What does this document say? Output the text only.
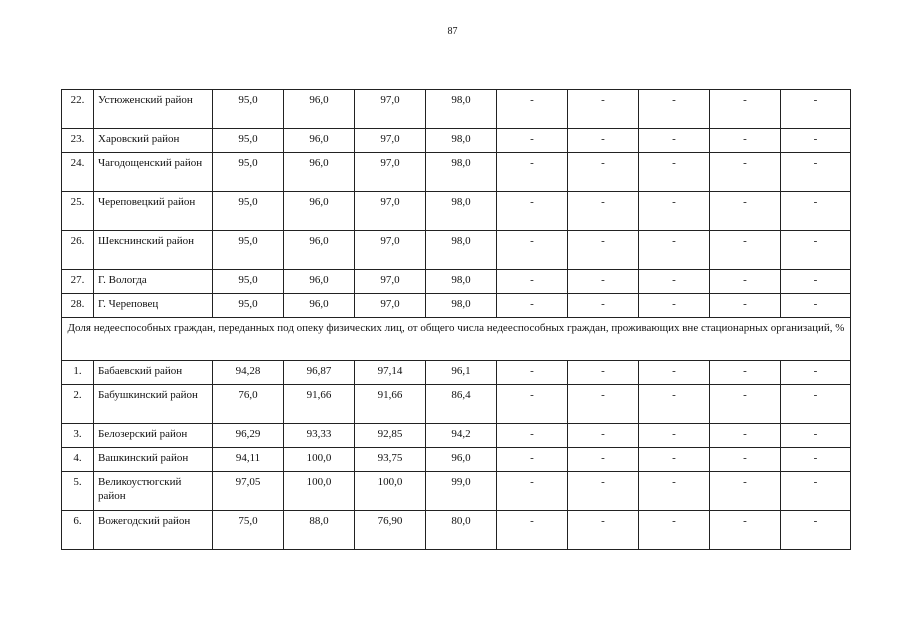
87
22.	Устюженский район	95,0	96,0	97,0	98,0	-	-	-	-	-
23.	Харовский район	95,0	96,0	97,0	98,0	-	-	-	-	-
24.	Чагодощенский район	95,0	96,0	97,0	98,0	-	-	-	-	-
25.	Череповецкий район	95,0	96,0	97,0	98,0	-	-	-	-	-
26.	Шекснинский район	95,0	96,0	97,0	98,0	-	-	-	-	-
27.	Г. Вологда	95,0	96,0	97,0	98,0	-	-	-	-	-
28.	Г. Череповец	95,0	96,0	97,0	98,0	-	-	-	-	-
Доля недееспособных граждан, переданных под опеку физических лиц, от общего числа недееспособных граждан, проживающих вне стационарных организаций, %										
1.	Бабаевский район	94,28	96,87	97,14	96,1	-	-	-	-	-
2.	Бабушкинский район	76,0	91,66	91,66	86,4	-	-	-	-	-
3.	Белозерский район	96,29	93,33	92,85	94,2	-	-	-	-	-
4.	Вашкинский район	94,11	100,0	93,75	96,0	-	-	-	-	-
5.	Великоустюгский район	97,05	100,0	100,0	99,0	-	-	-	-	-
6.	Вожегодский район	75,0	88,0	76,90	80,0	-	-	-	-	-
